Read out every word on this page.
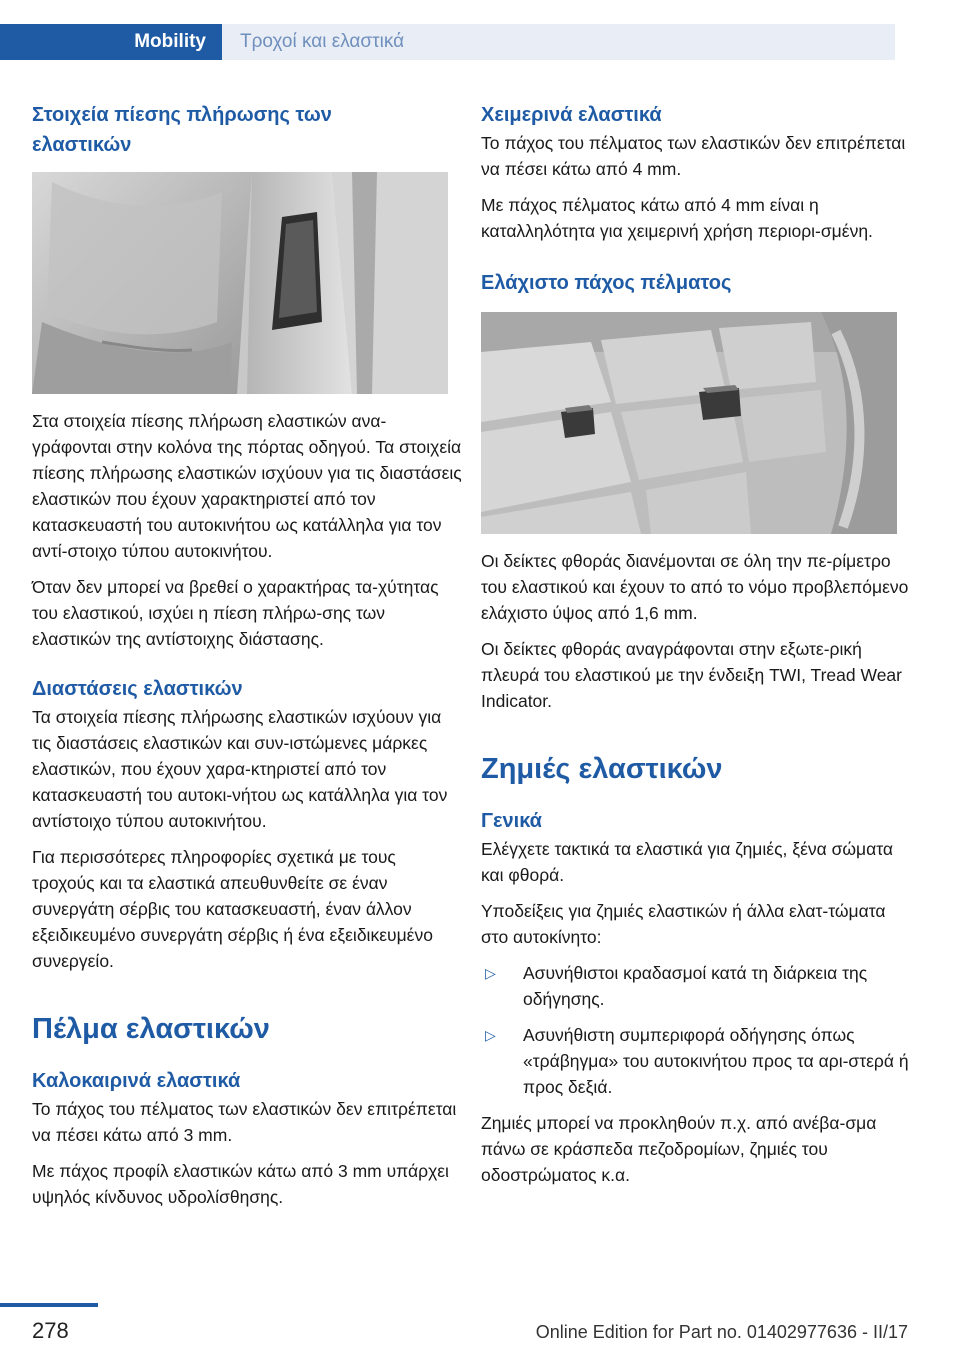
Mobility	Τροχοί και ελαστικά
Στοιχεία πίεσης πλήρωσης των ελαστικών

Στα στοιχεία πίεσης πλήρωση ελαστικών ανα-γράφονται στην κολόνα της πόρτας οδηγού. Τα στοιχεία πίεσης πλήρωσης ελαστικών ισχύουν για τις διαστάσεις ελαστικών που έχουν χαρακτηριστεί από τον κατασκευαστή του αυτοκινήτου ως κατάλληλα για τον αντί-στοιχο τύπου αυτοκινήτου.

Όταν δεν μπορεί να βρεθεί ο χαρακτήρας τα-χύτητας του ελαστικού, ισχύει η πίεση πλήρω-σης των ελαστικών της αντίστοιχης διάστασης.

Διαστάσεις ελαστικών

Τα στοιχεία πίεσης πλήρωσης ελαστικών ισχύουν για τις διαστάσεις ελαστικών και συν-ιστώμενες μάρκες ελαστικών, που έχουν χαρα-κτηριστεί από τον κατασκευαστή του αυτοκι-νήτου ως κατάλληλα για τον αντίστοιχο τύπου αυτοκινήτου.

Για περισσότερες πληροφορίες σχετικά με τους τροχούς και τα ελαστικά απευθυνθείτε σε έναν συνεργάτη σέρβις του κατασκευαστή, έναν άλλον εξειδικευμένο συνεργάτη σέρβις ή ένα εξειδικευμένο συνεργείο.

Πέλμα ελαστικών
Καλοκαιρινά ελαστικά

Το πάχος του πέλματος των ελαστικών δεν επιτρέπεται να πέσει κάτω από 3 mm.

Με πάχος προφίλ ελαστικών κάτω από 3 mm υπάρχει υψηλός κίνδυνος υδρολίσθησης.

Χειμερινά ελαστικά

Το πάχος του πέλματος των ελαστικών δεν επιτρέπεται να πέσει κάτω από 4 mm.

Με πάχος πέλματος κάτω από 4 mm είναι η καταλληλότητα για χειμερινή χρήση περιορι-σμένη.

Ελάχιστο πάχος πέλματος

Οι δείκτες φθοράς διανέμονται σε όλη την πε-ρίμετρο του ελαστικού και έχουν το από το νόμο προβλεπόμενο ελάχιστο ύψος από 1,6 mm.

Οι δείκτες φθοράς αναγράφονται στην εξωτε-ρική πλευρά του ελαστικού με την ένδειξη TWI, Tread Wear Indicator.

Ζημιές ελαστικών
Γενικά

Ελέγχετε τακτικά τα ελαστικά για ζημιές, ξένα σώματα και φθορά.

Υποδείξεις για ζημιές ελαστικών ή άλλα ελατ-τώματα στο αυτοκίνητο:

▷ Ασυνήθιστοι κραδασμοί κατά τη διάρκεια της οδήγησης.
▷ Ασυνήθιστη συμπεριφορά οδήγησης όπως «τράβηγμα» του αυτοκινήτου προς τα αρι-στερά ή προς δεξιά.

Ζημιές μπορεί να προκληθούν π.χ. από ανέβα-σμα πάνω σε κράσπεδα πεζοδρομίων, ζημιές του οδοστρώματος κ.α.

278	Online Edition for Part no. 01402977636 - II/17
